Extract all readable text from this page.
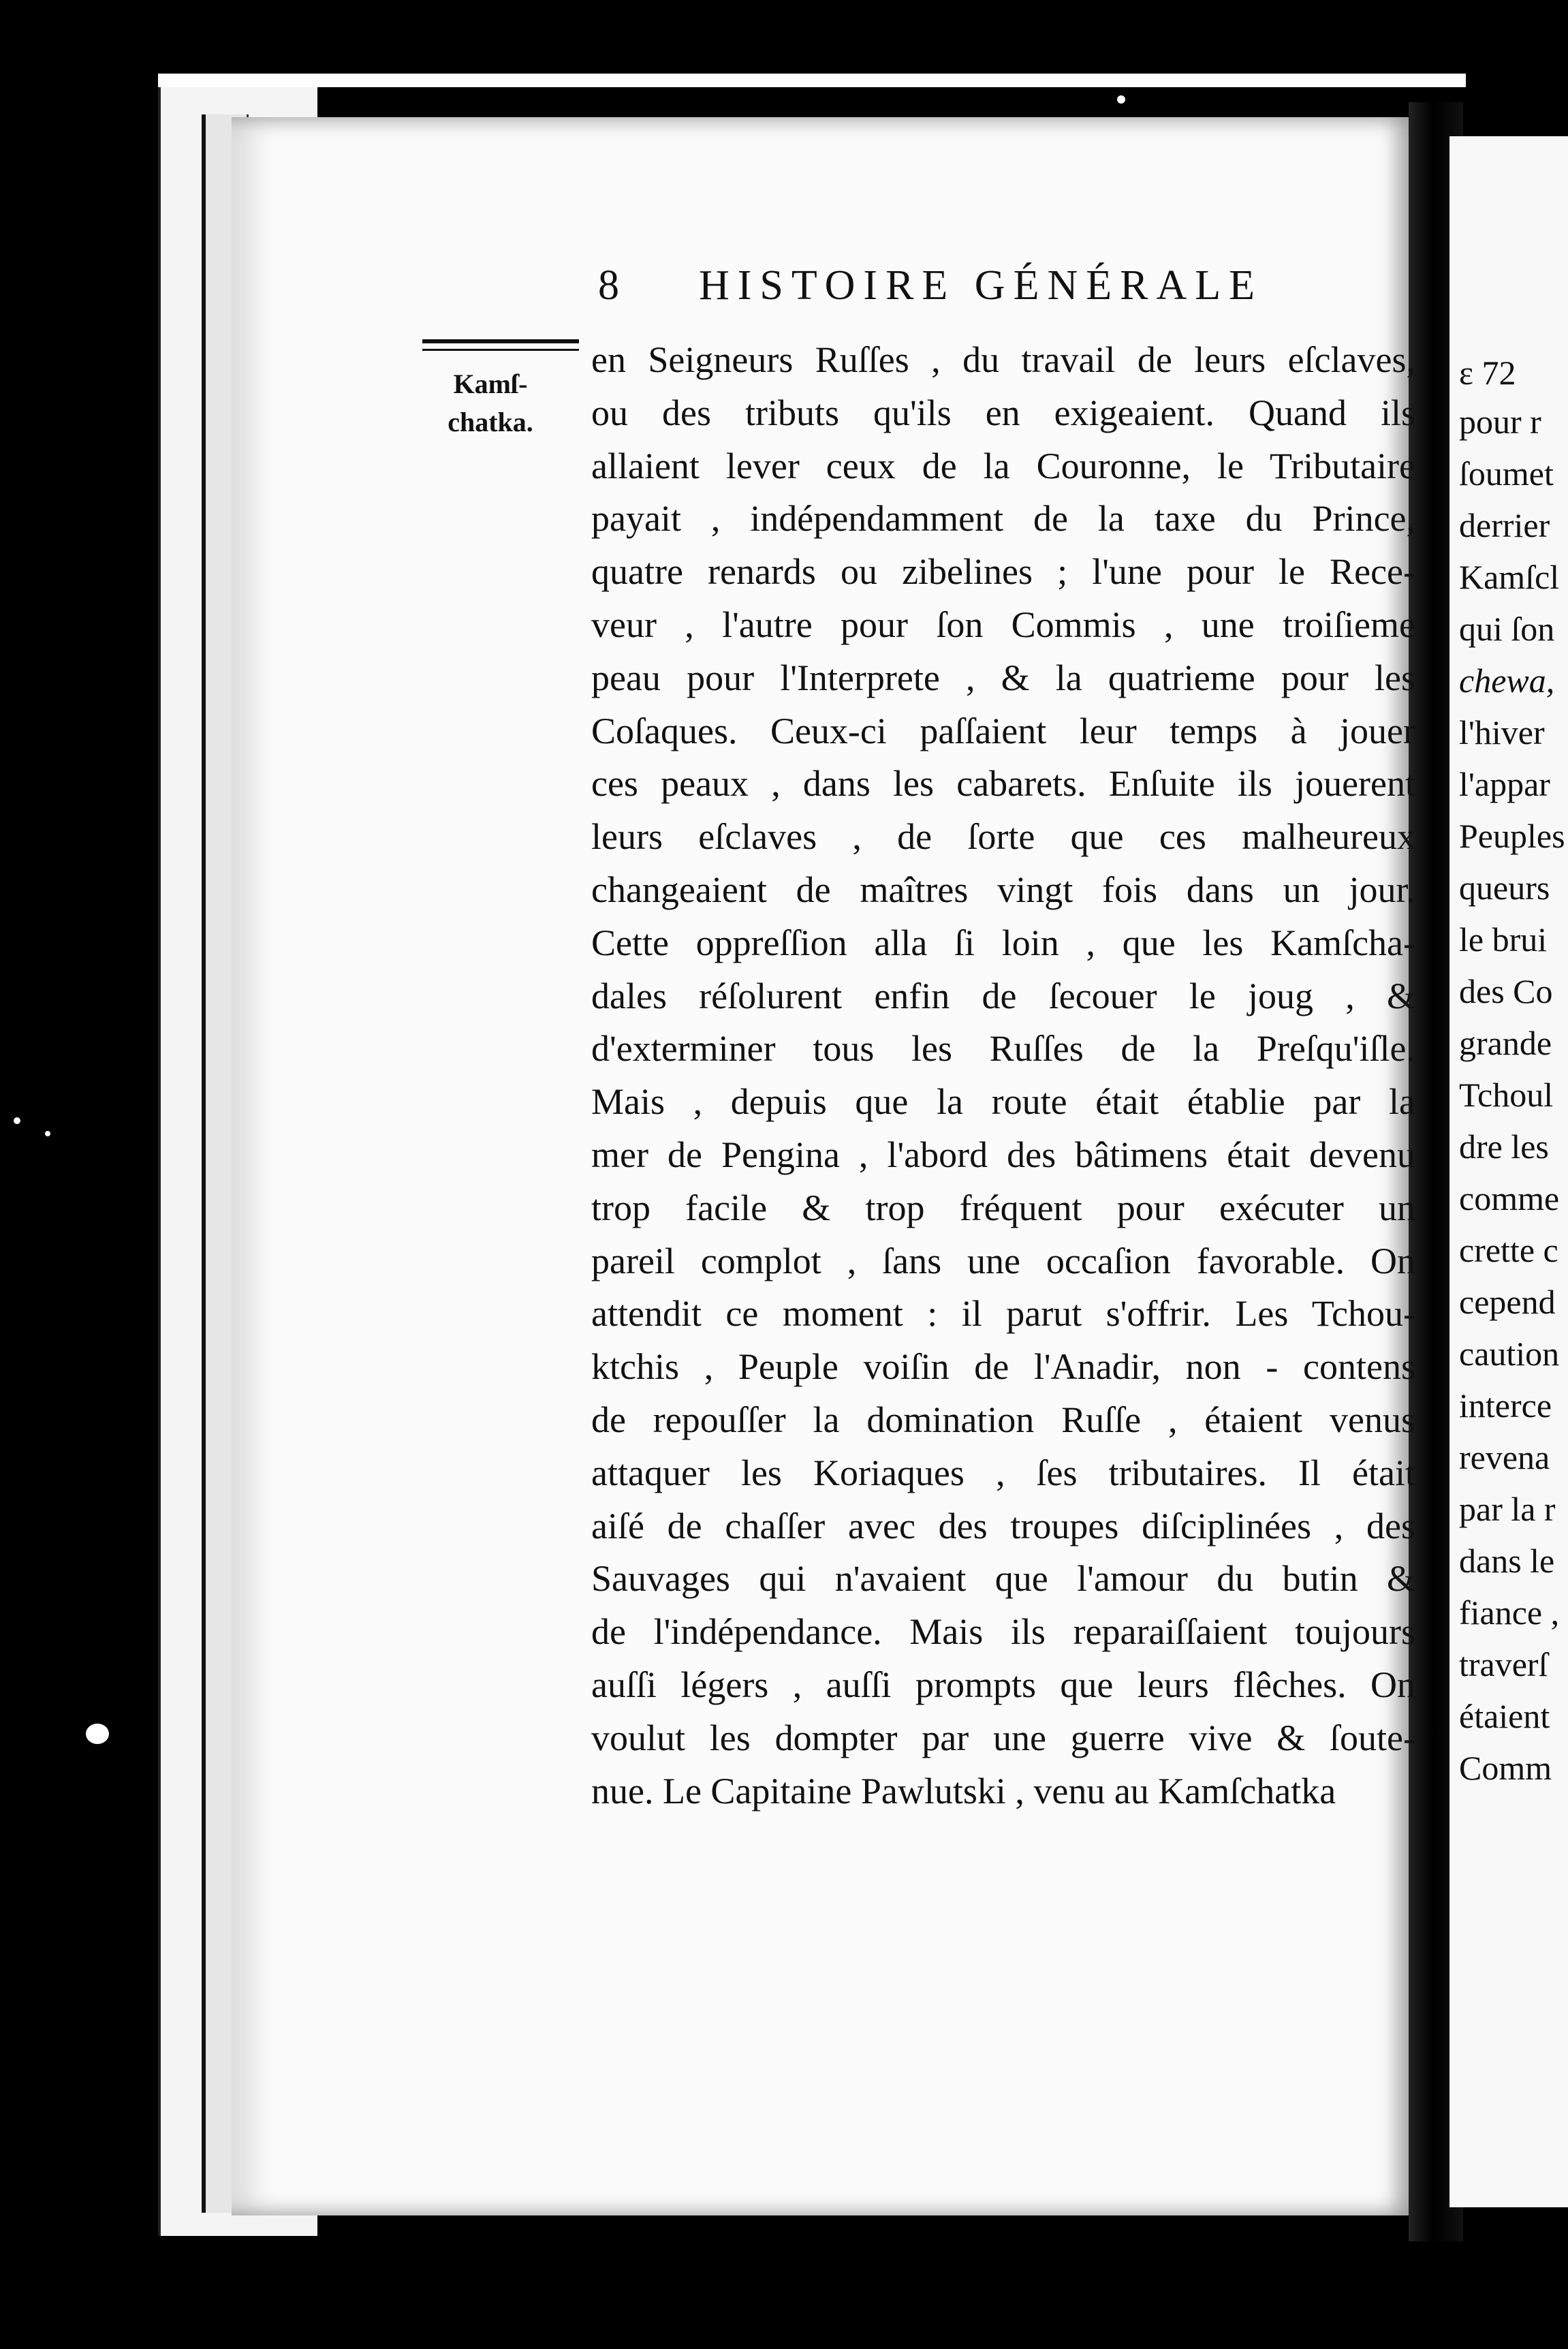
8 HISTOIRE GÉNÉRALE
Kamſ-
chatka.
en Seigneurs Ruſſes , du travail de leurs eſclaves,
ou des tributs qu'ils en exigeaient. Quand ils
allaient lever ceux de la Couronne, le Tributaire
payait , indépendamment de la taxe du Prince,
quatre renards ou zibelines ; l'une pour le Rece-
veur , l'autre pour ſon Commis , une troiſieme
peau pour l'Interprete , & la quatrieme pour les
Coſaques. Ceux-ci paſſaient leur temps à jouer
ces peaux , dans les cabarets. Enſuite ils jouerent
leurs eſclaves , de ſorte que ces malheureux
changeaient de maîtres vingt fois dans un jour.
Cette oppreſſion alla ſi loin , que les Kamſcha-
dales réſolurent enfin de ſecouer le joug , &
d'exterminer tous les Ruſſes de la Preſqu'iſle.
Mais , depuis que la route était établie par la
mer de Pengina , l'abord des bâtimens était devenu
trop facile & trop fréquent pour exécuter un
pareil complot , ſans une occaſion favorable. On
attendit ce moment : il parut s'offrir. Les Tchou-
ktchis , Peuple voiſin de l'Anadir, non - contens
de repouſſer la domination Ruſſe , étaient venus
attaquer les Koriaques , ſes tributaires. Il était
aiſé de chaſſer avec des troupes diſciplinées , des
Sauvages qui n'avaient que l'amour du butin &
de l'indépendance. Mais ils reparaiſſaient toujours
auſſi légers , auſſi prompts que leurs flêches. On
voulut les dompter par une guerre vive & ſoute-
nue. Le Capitaine Pawlutski , venu au Kamſchatka
ɛ 72
pour r
ſoumet
derrier
Kamſcl
qui ſon
chewa,
l'hiver
l'appar
Peuples
queurs
le brui
des Co
grande
Tchoul
dre les
comme
crette c
cepend
caution
interce
revena
par la r
dans le
fiance ,
traverſ
étaient
Comm
